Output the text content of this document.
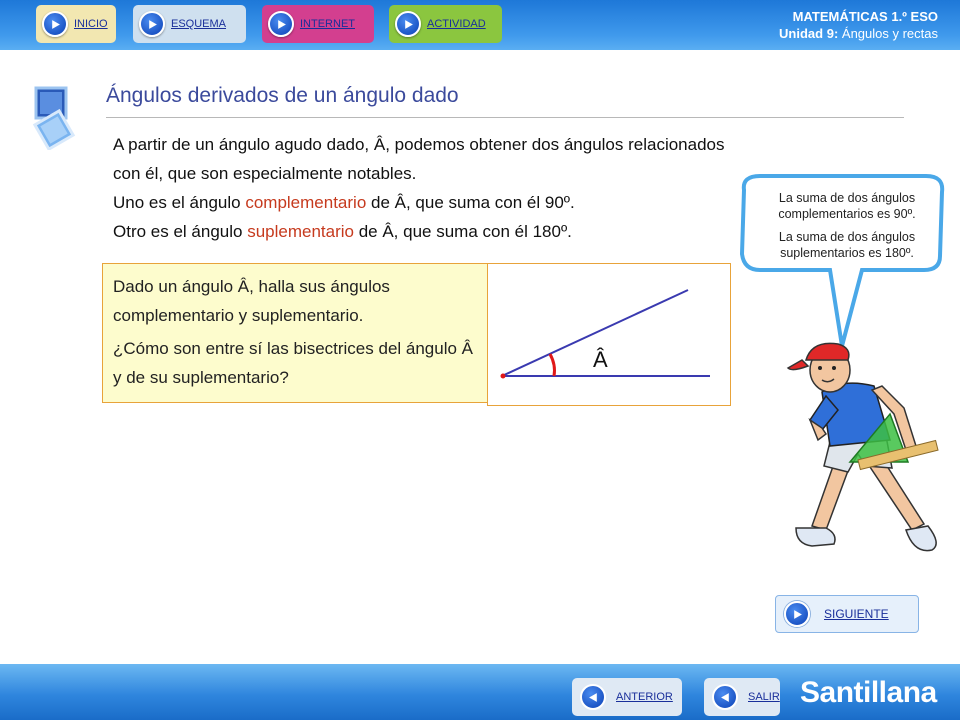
INICIO	ESQUEMA	INTERNET	ACTIVIDAD	MATEMÁTICAS 1.º ESO
Unidad 9: Ángulos y rectas
Ángulos derivados de un ángulo dado

A partir de un ángulo agudo dado, Â, podemos obtener dos ángulos relacionados con él, que son especialmente notables.

Uno es el ángulo complementario de Â, que suma con él 90º.

Otro es el ángulo suplementario de Â, que suma con él 180º.

Dado un ángulo Â, halla sus ángulos complementario y suplementario.

¿Cómo son entre sí las bisectrices del ángulo Â y de su suplementario?

Â

La suma de dos ángulos complementarios es 90º.

La suma de dos ángulos suplementarios es 180º.

SIGUIENTE
ANTERIOR	SALIR Santillana
